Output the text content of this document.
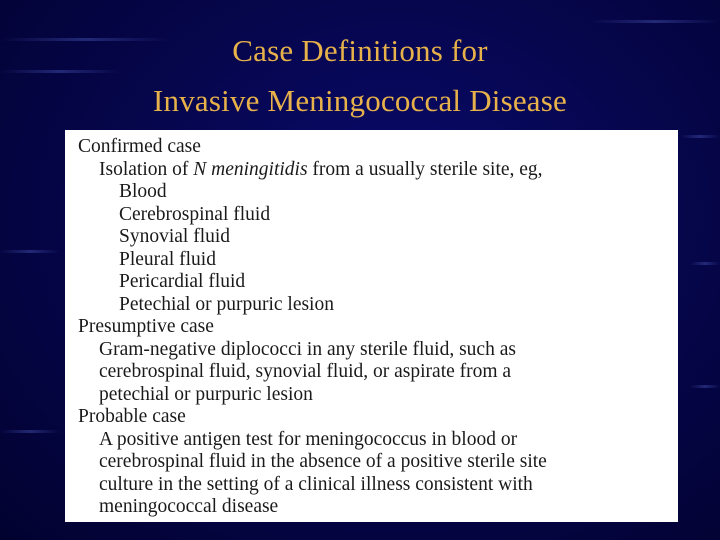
Case Definitions for
Invasive Meningococcal Disease
Confirmed case
Isolation of N meningitidis from a usually sterile site, eg,
Blood
Cerebrospinal fluid
Synovial fluid
Pleural fluid
Pericardial fluid
Petechial or purpuric lesion
Presumptive case
Gram-negative diplococci in any sterile fluid, such as
cerebrospinal fluid, synovial fluid, or aspirate from a
petechial or purpuric lesion
Probable case
A positive antigen test for meningococcus in blood or
cerebrospinal fluid in the absence of a positive sterile site
culture in the setting of a clinical illness consistent with
meningococcal disease
